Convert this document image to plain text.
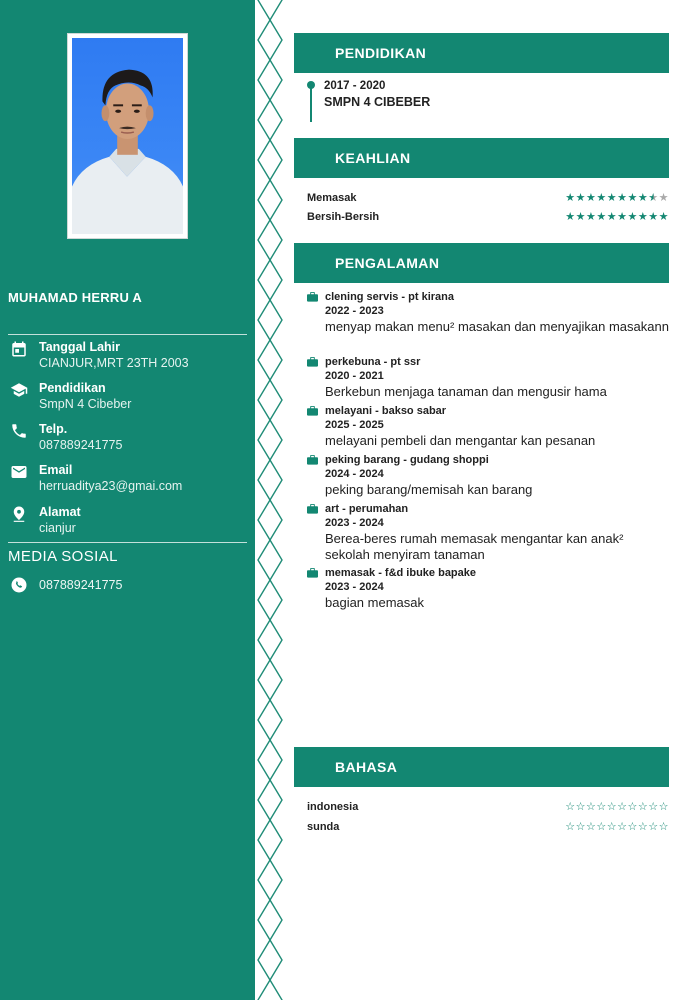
MUHAMAD HERRU A
Tanggal Lahir
CIANJUR,MRT 23TH 2003
Pendidikan
SmpN 4 Cibeber
Telp.
087889241775
Email
herruaditya23@gmai.com
Alamat
cianjur
MEDIA SOSIAL
087889241775
PENDIDIKAN
2017 - 2020
SMPN 4 CIBEBER
KEAHLIAN
Memasak	★★★★★★★★★★
Bersih-Bersih	★★★★★★★★★★
PENGALAMAN
clening servis - pt kirana
2022 - 2023
menyap makan menu² masakan dan menyajikan masakann
perkebuna - pt ssr
2020 - 2021
Berkebun menjaga tanaman dan mengusir hama
melayani - bakso sabar
2025 - 2025
melayani pembeli dan mengantar kan pesanan
peking barang - gudang shoppi
2024 - 2024
peking barang/memisah kan barang
art - perumahan
2023 - 2024
Berea-beres rumah memasak mengantar kan anak² sekolah menyiram tanaman
memasak - f&d ibuke bapake
2023 - 2024
bagian memasak
BAHASA
indonesia	☆☆☆☆☆☆☆☆☆☆
sunda	☆☆☆☆☆☆☆☆☆☆
